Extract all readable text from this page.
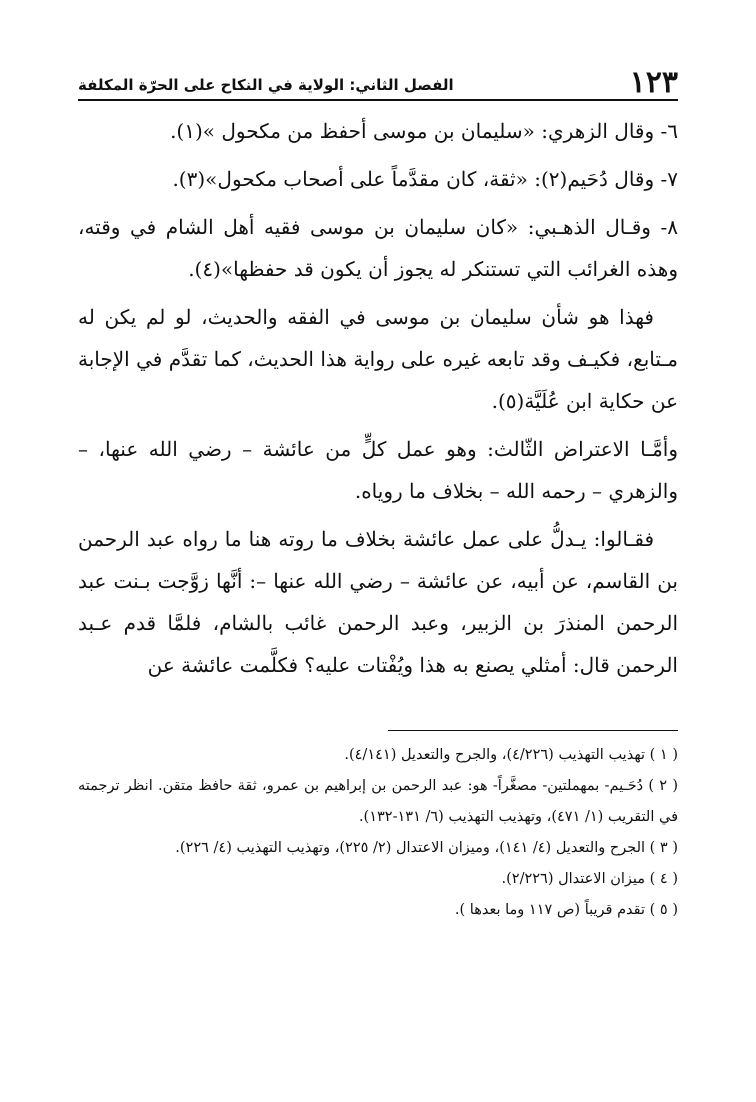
١٢٣
الفصل الثاني: الولاية في النكاح على الحرّة المكلفة

٦- وقال الزهري: «سليمان بن موسى أحفظ من مكحول »(١).

٧- وقال دُحَيم(٢): «ثقة، كان مقدَّماً على أصحاب مكحول»(٣).

٨- وقـال الذهـبي: «كان سليمان بن موسى فقيه أهل الشام في وقته، وهذه الغرائب التي تستنكر له يجوز أن يكون قد حفظها»(٤).

فهذا هو شأن سليمان بن موسى في الفقه والحديث، لو لم يكن له مـتابع، فكيـف وقد تابعه غيره على رواية هذا الحديث، كما تقدَّم في الإجابة عن حكاية ابن عُلَيَّة(٥).

وأمَّـا الاعتراض الثّالث: وهو عمل كلٍّ من عائشة – رضي الله عنها، – والزهري – رحمه الله – بخلاف ما روياه.

فقـالوا: يـدلُّ على عمل عائشة بخلاف ما روته هنا ما رواه عبد الرحمن بن القاسم، عن أبيه، عن عائشة – رضي الله عنها –: أنَّها زوَّجت بـنت عبد الرحمن المنذرَ بن الزبير، وعبد الرحمن غائب بالشام، فلمَّا قدم عـبد الرحمن قال: أمثلي يصنع به هذا ويُفْتات عليه؟ فكلَّمت عائشة عن

( ١ ) تهذيب التهذيب (٤/٢٢٦)، والجرح والتعديل (٤/١٤١).
( ٢ ) دُحَـيم- بمهملتين- مصغَّراً- هو: عبد الرحمن بن إبراهيم بن عمرو، ثقة حافظ متقن. انظر ترجمته في التقريب (١/ ٤٧١)، وتهذيب التهذيب (٦/ ١٣١-١٣٢).
( ٣ ) الجرح والتعديل (٤/ ١٤١)، وميزان الاعتدال (٢/ ٢٢٥)، وتهذيب التهذيب (٤/ ٢٢٦).
( ٤ ) ميزان الاعتدال (٢/٢٢٦).
( ٥ ) تقدم قريباً (ص ١١٧ وما بعدها ).
